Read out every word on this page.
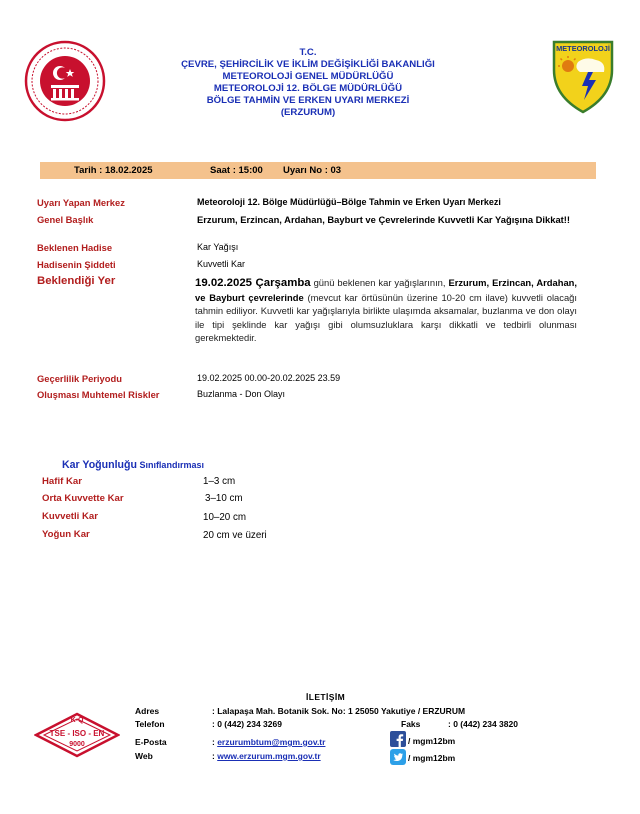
T.C.
ÇEVRE, ŞEHİRCİLİK VE İKLİM DEĞİŞİKLİĞİ BAKANLIĞI
METEOROLOJİ GENEL MÜDÜRLÜĞÜ
METEOROLOJİ 12. BÖLGE MÜDÜRLÜĞÜ
BÖLGE TAHMİN VE ERKEN UYARI MERKEZİ
(ERZURUM)
METEOROLOJİ
Tarih : 18.02.2025	Saat : 15:00 Uyarı No : 03
Uyarı Yapan Merkez	Meteoroloji 12. Bölge Müdürlüğü–Bölge Tahmin ve Erken Uyarı Merkezi
Genel Başlık	Erzurum, Erzincan, Ardahan, Bayburt ve Çevrelerinde Kuvvetli Kar Yağışına Dikkat!!
Beklenen Hadise	Kar Yağışı
Hadisenin Şiddeti	Kuvvetli Kar
Beklendiği Yer	19.02.2025 Çarşamba günü beklenen kar yağışlarının, Erzurum, Erzincan, Ardahan, ve Bayburt çevrelerinde (mevcut kar örtüsünün üzerine 10-20 cm ilave) kuvvetli olacağı tahmin ediliyor. Kuvvetli kar yağışlarıyla birlikte ulaşımda aksamalar, buzlanma ve don olayı ile tipi şeklinde kar yağışı gibi olumsuzluklara karşı dikkatli ve tedbirli olunması gerekmektedir.
Geçerlilik Periyodu	19.02.2025 00.00-20.02.2025 23.59
Oluşması Muhtemel Riskler	Buzlanma - Don Olayı
Kar Yoğunluğu Sınıflandırması
Hafif Kar	1–3 cm
Orta Kuvvette Kar	3–10 cm
Kuvvetli Kar	10–20 cm
Yoğun Kar	20 cm ve üzeri
İLETİŞİM
K-Q
TSE - ISO - EN
9000
Adres	: Lalapaşa Mah. Botanik Sok. No: 1 25050 Yakutiye / ERZURUM
Telefon	: 0 (442) 234 3269	Faks	: 0 (442) 234 3820
E-Posta	: erzurumbtum@mgm.gov.tr
Web	: www.erzurum.mgm.gov.tr
/ mgm12bm
/ mgm12bm
